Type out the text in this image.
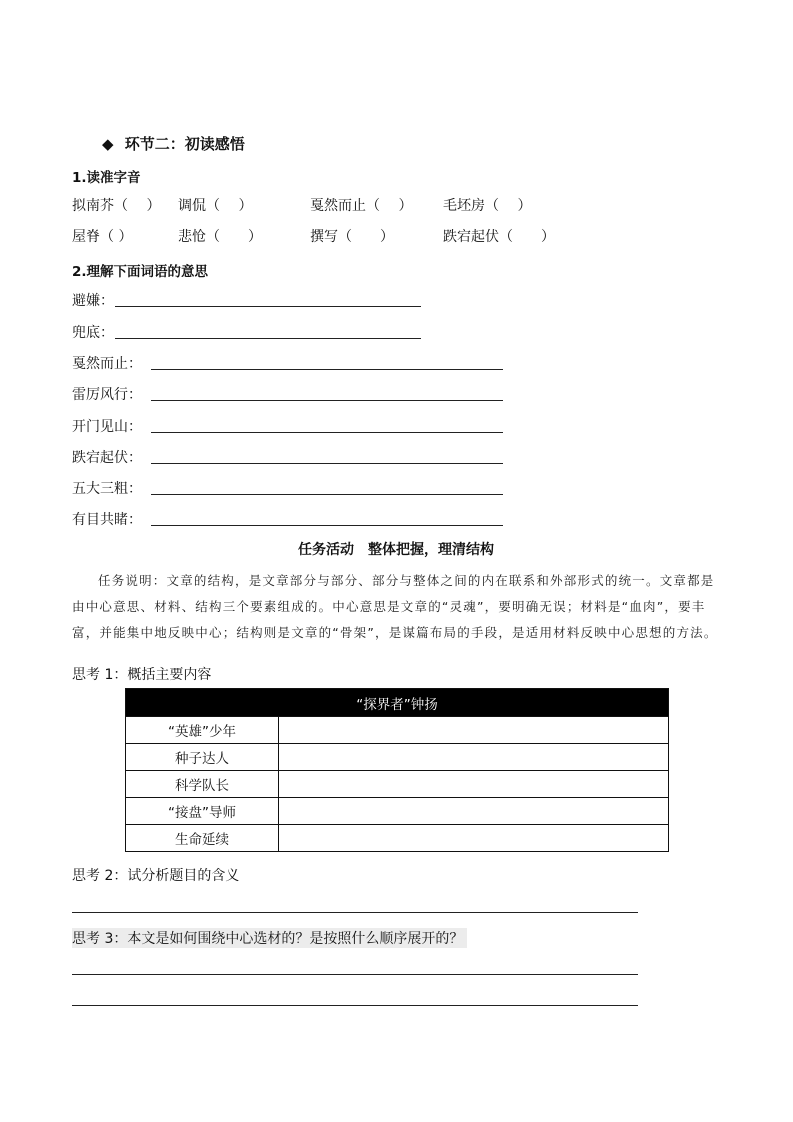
◆ 环节二：初读感悟
1.读准字音
拟南芥（　 ） 调侃（　 ）	戛然而止（　 ） 毛坯房（　 ）
屋脊（ ）	悲怆（　　）	撰写（　　）	跌宕起伏（　　）
2.理解下面词语的意思
避嫌：
兜底：
戛然而止：
雷厉风行：
开门见山：
跌宕起伏：
五大三粗：
有目共睹：
任务活动　整体把握，理清结构
任务说明：文章的结构，是文章部分与部分、部分与整体之间的内在联系和外部形式的统一。文章都是由中心意思、材料、结构三个要素组成的。中心意思是文章的“灵魂”，要明确无误；材料是“血肉”，要丰富，并能集中地反映中心；结构则是文章的“骨架”，是谋篇布局的手段，是适用材料反映中心思想的方法。
思考 1：概括主要内容
“探界者”钟扬	
“英雄”少年	
种子达人	
科学队长	
“接盘”导师	
生命延续	
思考 2：试分析题目的含义
思考 3：本文是如何围绕中心选材的？是按照什么顺序展开的？
